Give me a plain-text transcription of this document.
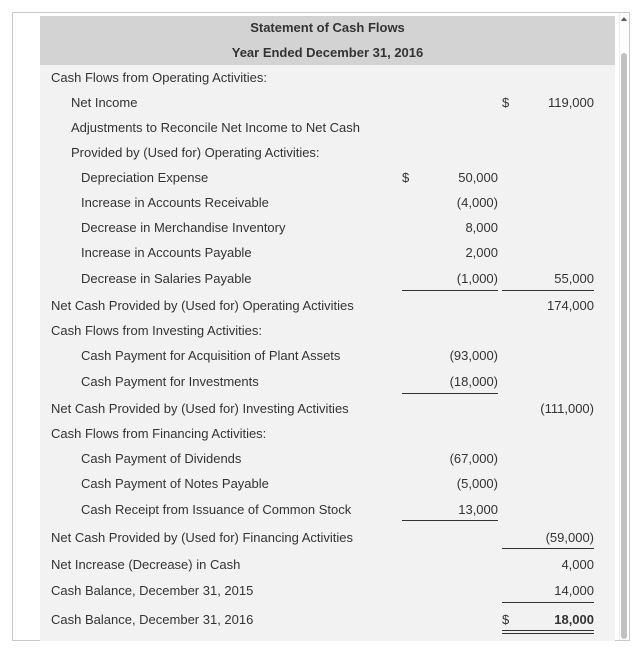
Statement of Cash Flows
Year Ended December 31, 2016
Cash Flows from Operating Activities:
Net Income	$	119,000
Adjustments to Reconcile Net Income to Net Cash
Provided by (Used for) Operating Activities:
Depreciation Expense	$	50,000
Increase in Accounts Receivable	(4,000)
Decrease in Merchandise Inventory	8,000
Increase in Accounts Payable	2,000
Decrease in Salaries Payable	(1,000)	55,000
Net Cash Provided by (Used for) Operating Activities	174,000
Cash Flows from Investing Activities:
Cash Payment for Acquisition of Plant Assets	(93,000)
Cash Payment for Investments	(18,000)
Net Cash Provided by (Used for) Investing Activities	(111,000)
Cash Flows from Financing Activities:
Cash Payment of Dividends	(67,000)
Cash Payment of Notes Payable	(5,000)
Cash Receipt from Issuance of Common Stock	13,000
Net Cash Provided by (Used for) Financing Activities	(59,000)
Net Increase (Decrease) in Cash	4,000
Cash Balance, December 31, 2015	14,000
Cash Balance, December 31, 2016	$	18,000
